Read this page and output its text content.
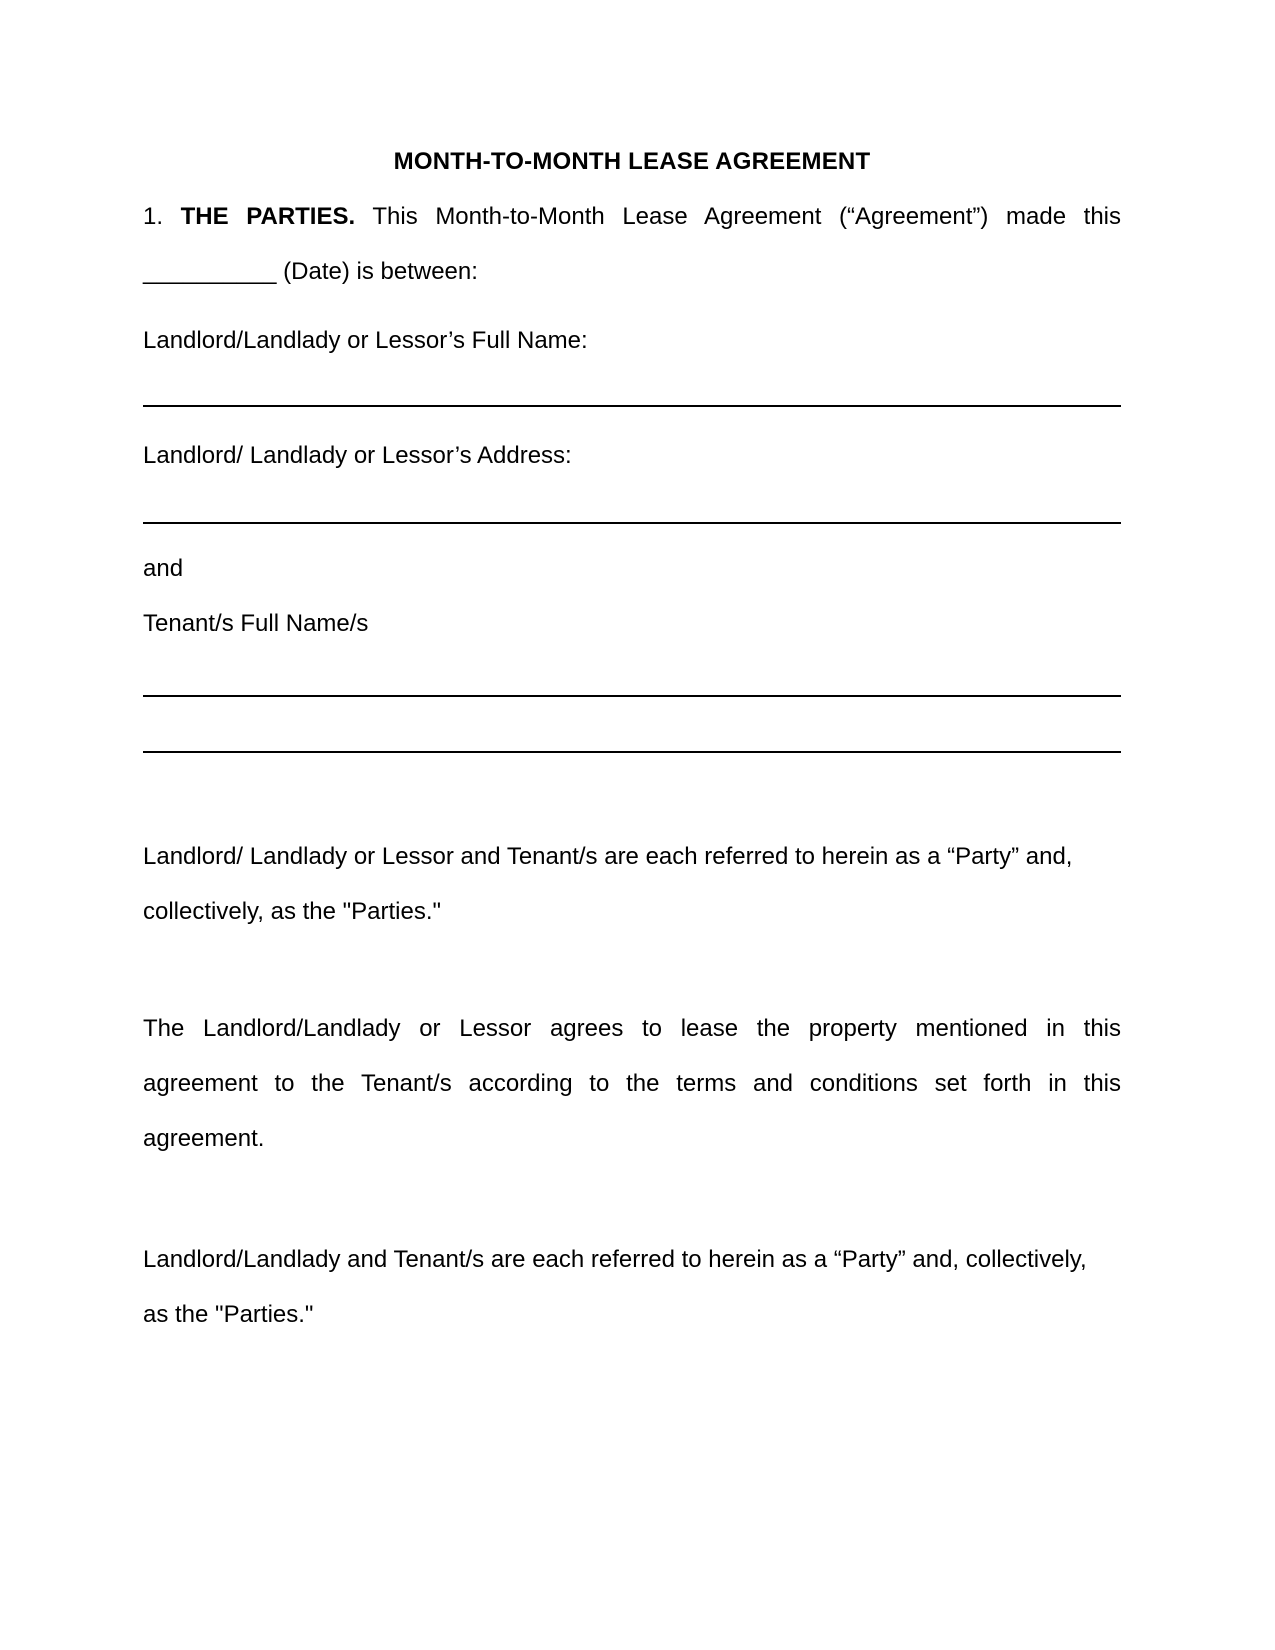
MONTH-TO-MONTH LEASE AGREEMENT

1. THE PARTIES. This Month-to-Month Lease Agreement (“Agreement”) made this

__________ (Date) is between:

Landlord/Landlady or Lessor’s Full Name:

Landlord/ Landlady or Lessor’s Address:

and

Tenant/s Full Name/s

Landlord/ Landlady or Lessor and Tenant/s are each referred to herein as a “Party” and,

collectively, as the "Parties."

The Landlord/Landlady or Lessor agrees to lease the property mentioned in this

agreement to the Tenant/s according to the terms and conditions set forth in this

agreement.

Landlord/Landlady and Tenant/s are each referred to herein as a “Party” and, collectively,

as the "Parties."
